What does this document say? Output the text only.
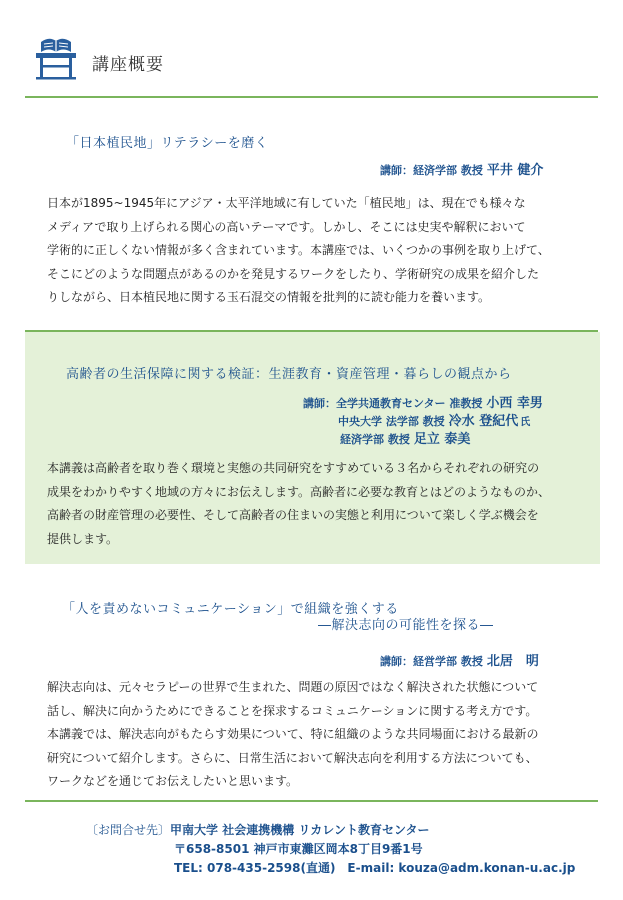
講座概要
「日本植民地」リテラシーを磨く
講師：経済学部 教授 平井 健介

日本が1895~1945年にアジア・太平洋地域に有していた「植民地」は、現在でも様々な

メディアで取り上げられる関心の高いテーマです。しかし、そこには史実や解釈において

学術的に正しくない情報が多く含まれています。本講座では、いくつかの事例を取り上げて、

そこにどのような問題点があるのかを発見するワークをしたり、学術研究の成果を紹介した

りしながら、日本植民地に関する玉石混交の情報を批判的に読む能力を養います。

高齢者の生活保障に関する検証：生涯教育・資産管理・暮らしの観点から
講師：全学共通教育センター 准教授 小西 幸男
中央大学 法学部 教授 冷水 登紀代 氏
経済学部 教授 足立 泰美

本講義は高齢者を取り巻く環境と実態の共同研究をすすめている３名からそれぞれの研究の

成果をわかりやすく地域の方々にお伝えします。高齢者に必要な教育とはどのようなものか、

高齢者の財産管理の必要性、そして高齢者の住まいの実態と利用について楽しく学ぶ機会を

提供します。

「人を責めないコミュニケーション」で組織を強くする
―解決志向の可能性を探る―
講師：経営学部 教授 北居　明

解決志向は、元々セラピーの世界で生まれた、問題の原因ではなく解決された状態について

話し、解決に向かうためにできることを探求するコミュニケーションに関する考え方です。

本講義では、解決志向がもたらす効果について、特に組織のような共同場面における最新の

研究について紹介します。さらに、日常生活において解決志向を利用する方法についても、

ワークなどを通じてお伝えしたいと思います。

〔お問合せ先〕甲南大学 社会連携機構 リカレント教育センター
〒658-8501 神戸市東灘区岡本8丁目9番1号
TEL: 078-435-2598(直通)　E-mail: kouza@adm.konan-u.ac.jp
